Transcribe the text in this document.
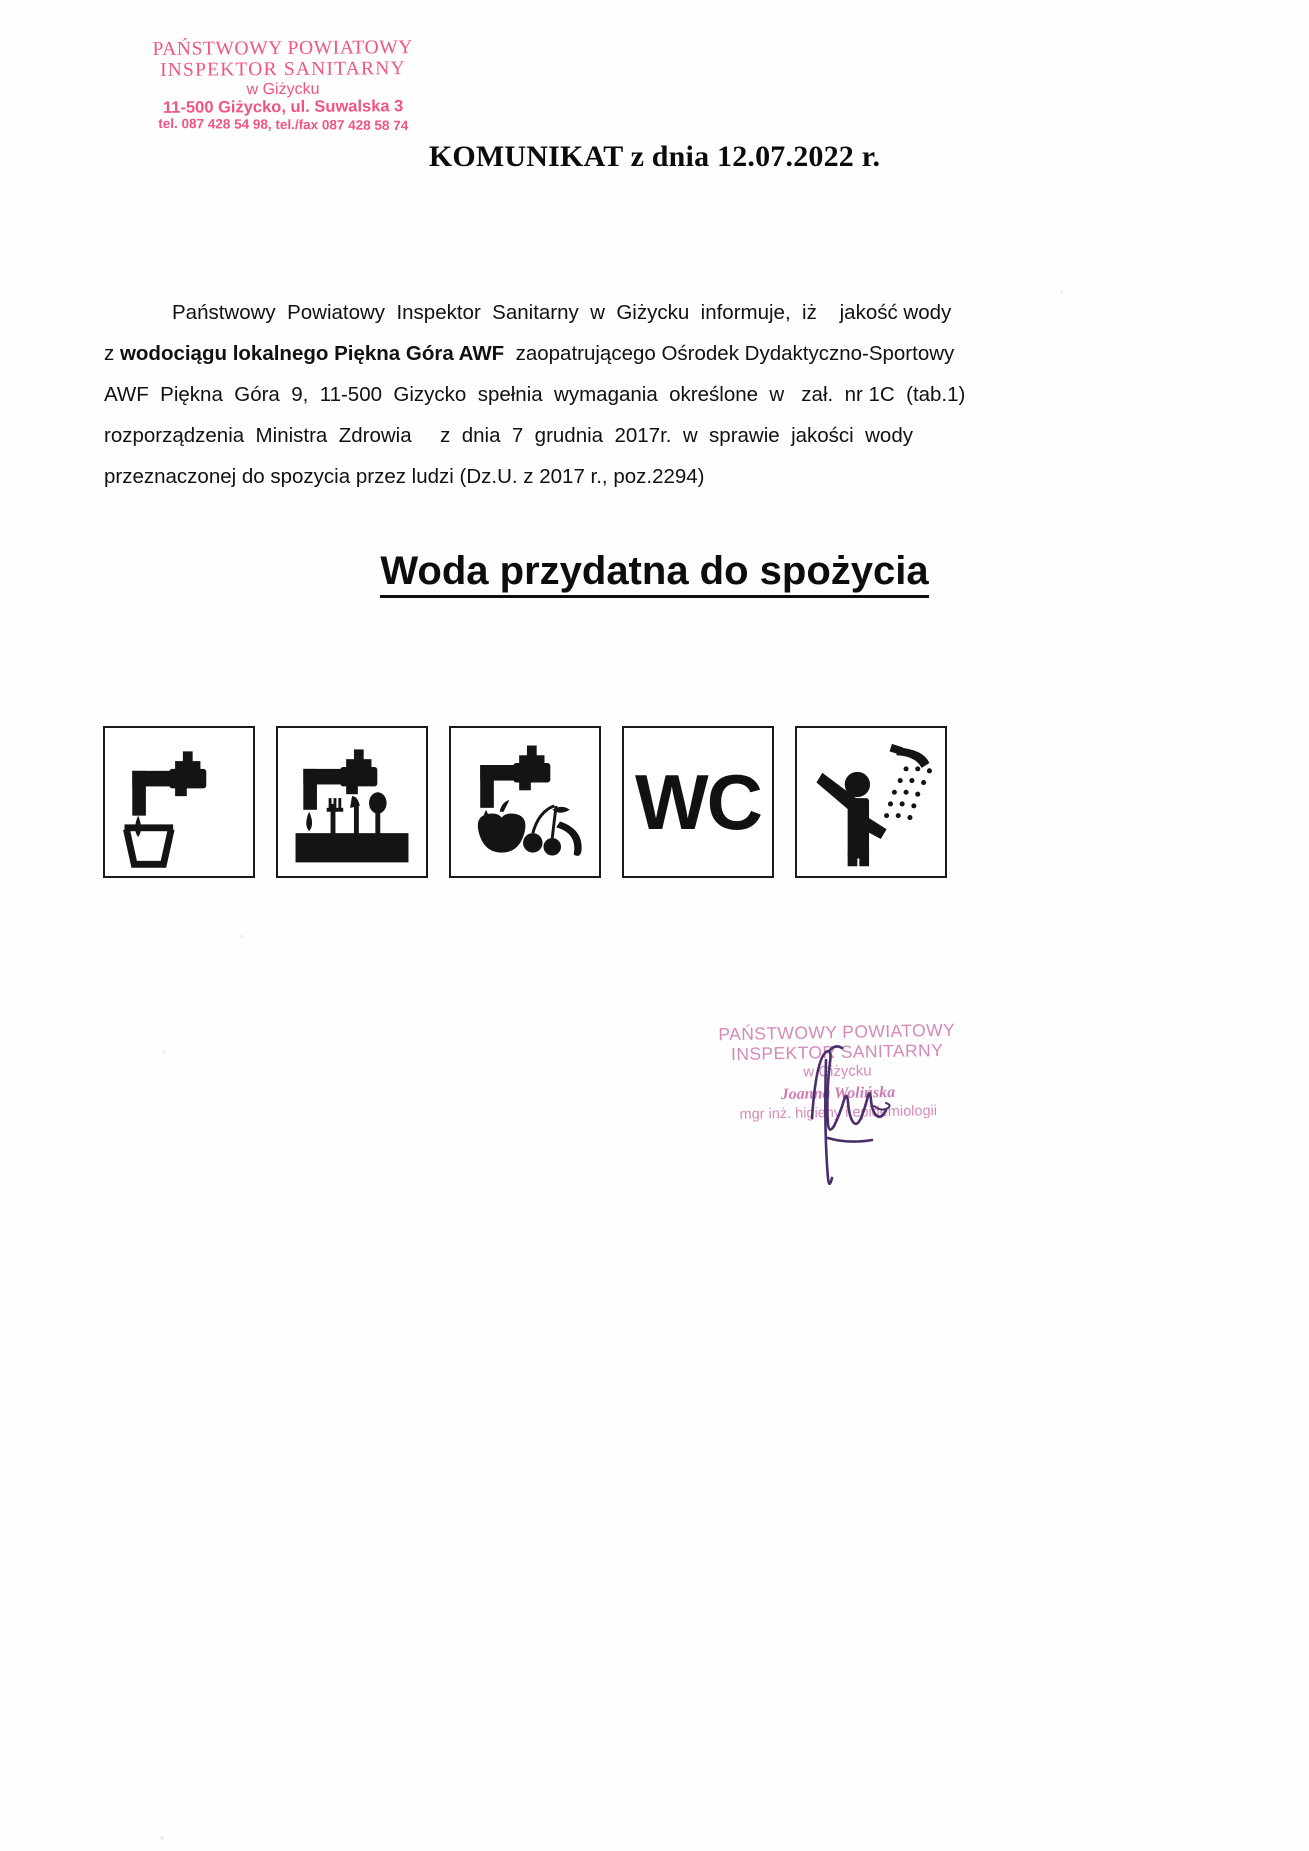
PAŃSTWOWY POWIATOWY
INSPEKTOR SANITARNY
w Giżycku
11-500 Giżycko, ul. Suwalska 3
tel. 087 428 54 98, tel./fax 087 428 58 74
KOMUNIKAT z dnia 12.07.2022 r.
Państwowy  Powiatowy  Inspektor  Sanitarny  w  Giżycku  informuje,  iż    jakość wody
z wodociągu lokalnego Piękna Góra AWF  zaopatrującego Ośrodek Dydaktyczno-Sportowy
AWF  Piękna  Góra  9,  11-500  Gizycko  spełnia  wymagania  określone  w   zał.  nr 1C  (tab.1)
rozporządzenia  Ministra  Zdrowia     z  dnia  7  grudnia  2017r.  w  sprawie  jakości  wody
przeznaczonej do spozycia przez ludzi (Dz.U. z 2017 r., poz.2294)
Woda przydatna do spożycia
WC
PAŃSTWOWY POWIATOWY
INSPEKTOR SANITARNY
w Giżycku
Joanna Wolińska
mgr inż. higieny i epidemiologii
